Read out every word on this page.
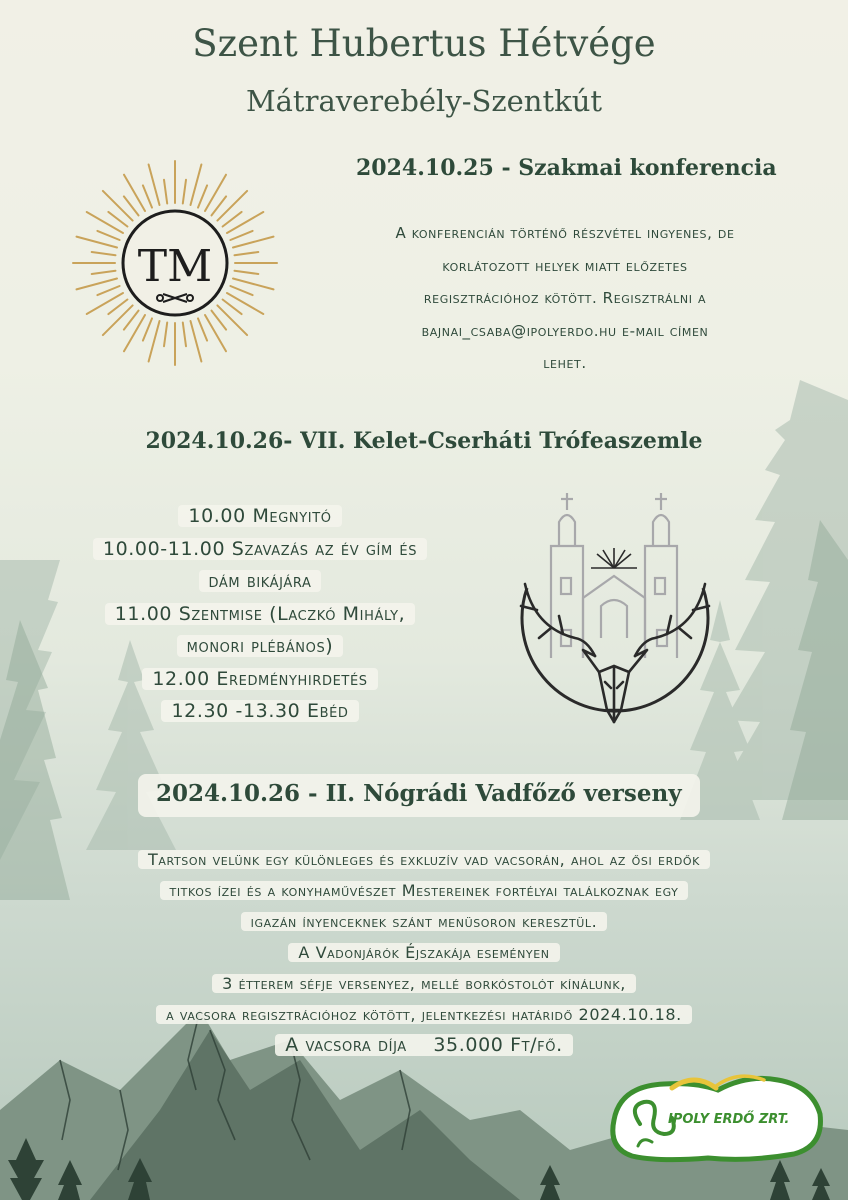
Szent Hubertus Hétvége
Mátraverebély-Szentkút
TM
2024.10.25 - Szakmai konferencia
A konferencián történő részvétel ingyenes, de
korlátozott helyek miatt előzetes
regisztrációhoz kötött. Regisztrálni a
bajnai_csaba@ipolyerdo.hu e-mail címen
lehet.
2024.10.26- VII. Kelet-Cserháti Trófeaszemle
10.00 Megnyitó
10.00-11.00 Szavazás az év gím és
dám bikájára
11.00 Szentmise (Laczkó Mihály,
monori plébános)
12.00 Eredményhirdetés
12.30 -13.30 Ebéd
2024.10.26 - II. Nógrádi Vadfőző verseny
Tartson velünk egy különleges és exkluzív vad vacsorán, ahol az ősi erdők
titkos ízei és a konyhaművészet Mestereinek fortélyai találkoznak egy
igazán ínyenceknek szánt menüsoron keresztül.
A Vadonjárók Éjszakája eseményen
3 étterem séfje versenyez, mellé borkóstolót kínálunk,
a vacsora regisztrációhoz kötött, jelentkezési határidő 2024.10.18.
A vacsora díja    35.000 Ft/fő.
IPOLY ERDŐ ZRT.
